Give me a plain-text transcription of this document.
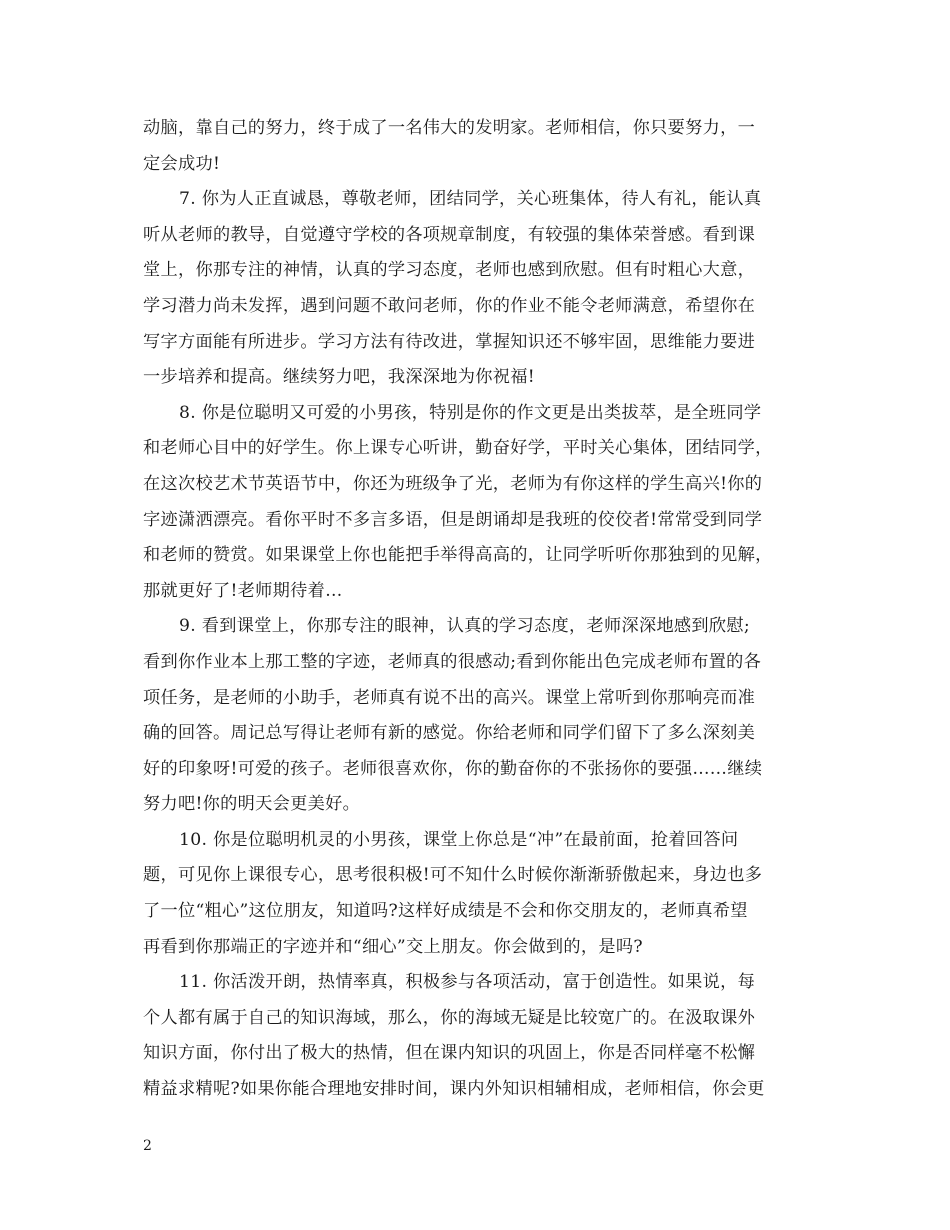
动脑，靠自己的努力，终于成了一名伟大的发明家。老师相信，你只要努力，一
定会成功!

7. 你为人正直诚恳，尊敬老师，团结同学，关心班集体，待人有礼，能认真
听从老师的教导，自觉遵守学校的各项规章制度，有较强的集体荣誉感。看到课
堂上，你那专注的神情，认真的学习态度，老师也感到欣慰。但有时粗心大意，
学习潜力尚未发挥，遇到问题不敢问老师，你的作业不能令老师满意，希望你在
写字方面能有所进步。学习方法有待改进，掌握知识还不够牢固，思维能力要进
一步培养和提高。继续努力吧，我深深地为你祝福!

8. 你是位聪明又可爱的小男孩，特别是你的作文更是出类拔萃，是全班同学
和老师心目中的好学生。你上课专心听讲，勤奋好学，平时关心集体，团结同学，
在这次校艺术节英语节中，你还为班级争了光，老师为有你这样的学生高兴!你的
字迹潇洒漂亮。看你平时不多言多语，但是朗诵却是我班的佼佼者!常常受到同学
和老师的赞赏。如果课堂上你也能把手举得高高的，让同学听听你那独到的见解，
那就更好了!老师期待着…

9. 看到课堂上，你那专注的眼神，认真的学习态度，老师深深地感到欣慰;
看到你作业本上那工整的字迹，老师真的很感动;看到你能出色完成老师布置的各
项任务，是老师的小助手，老师真有说不出的高兴。课堂上常听到你那响亮而准
确的回答。周记总写得让老师有新的感觉。你给老师和同学们留下了多么深刻美
好的印象呀!可爱的孩子。老师很喜欢你，你的勤奋你的不张扬你的要强……继续
努力吧!你的明天会更美好。

10. 你是位聪明机灵的小男孩，课堂上你总是“冲”在最前面，抢着回答问
题，可见你上课很专心，思考很积极!可不知什么时候你渐渐骄傲起来，身边也多
了一位“粗心”这位朋友，知道吗?这样好成绩是不会和你交朋友的，老师真希望
再看到你那端正的字迹并和“细心”交上朋友。你会做到的，是吗?

11. 你活泼开朗，热情率真，积极参与各项活动，富于创造性。如果说，每
个人都有属于自己的知识海域，那么，你的海域无疑是比较宽广的。在汲取课外
知识方面，你付出了极大的热情，但在课内知识的巩固上，你是否同样毫不松懈
精益求精呢?如果你能合理地安排时间，课内外知识相辅相成，老师相信，你会更

2
